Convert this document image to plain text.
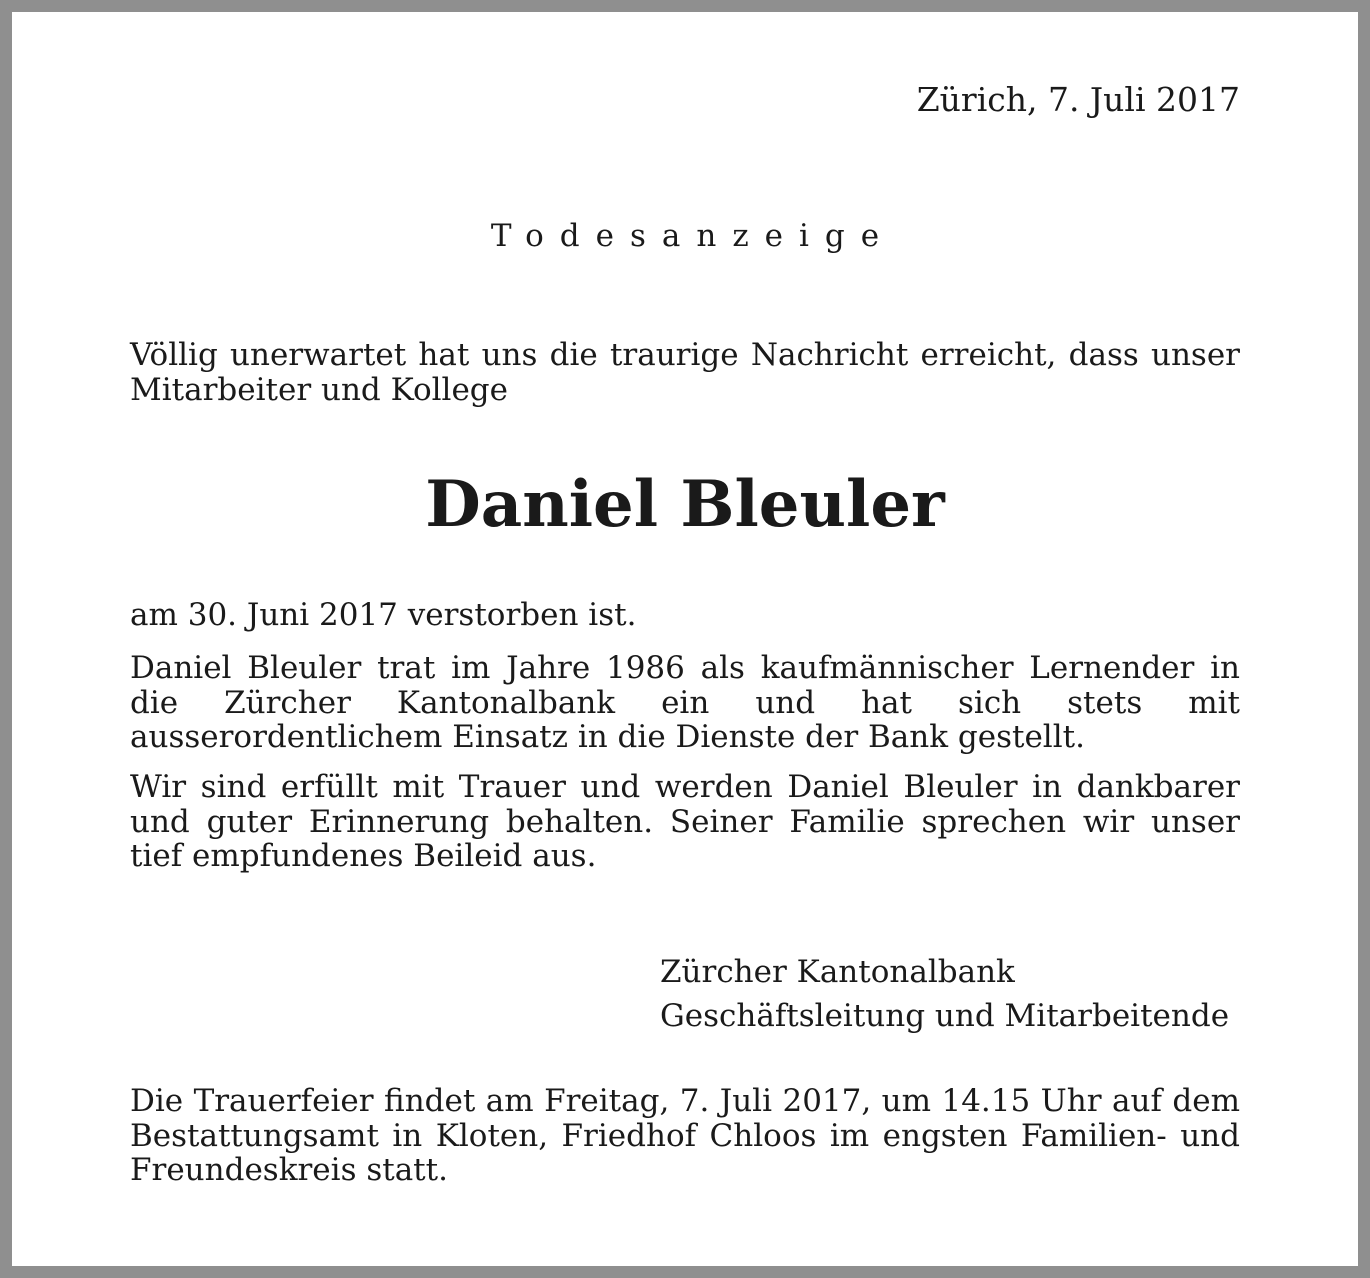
Zürich, 7. Juli 2017
Todesanzeige

Völlig unerwartet hat uns die traurige Nachricht erreicht, dass unser Mitarbeiter und Kollege

Daniel Bleuler

am 30. Juni 2017 verstorben ist.

Daniel Bleuler trat im Jahre 1986 als kaufmännischer Lernender in die Zürcher Kantonalbank ein und hat sich stets mit ausserordentlichem Einsatz in die Dienste der Bank gestellt.

Wir sind erfüllt mit Trauer und werden Daniel Bleuler in dankbarer und guter Erinnerung behalten. Seiner Familie sprechen wir unser tief empfundenes Beileid aus.

Zürcher Kantonalbank
Geschäftsleitung und Mitarbeitende

Die Trauerfeier findet am Freitag, 7. Juli 2017, um 14.15 Uhr auf dem Bestattungsamt in Kloten, Friedhof Chloos im engsten Familien- und Freundeskreis statt.
